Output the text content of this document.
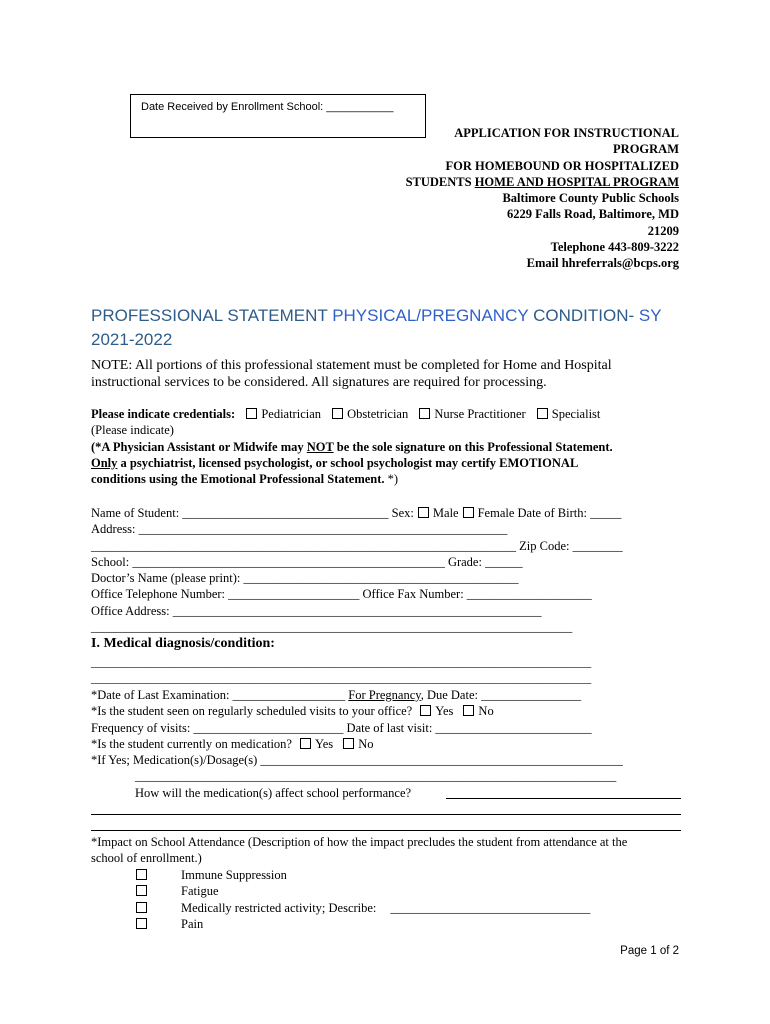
Date Received by Enrollment School: ___________
APPLICATION FOR INSTRUCTIONAL
PROGRAM
FOR HOMEBOUND OR HOSPITALIZED
STUDENTS HOME AND HOSPITAL PROGRAM
Baltimore County Public Schools
6229 Falls Road, Baltimore, MD
21209
Telephone 443-809-3222
Email hhreferrals@bcps.org
PROFESSIONAL STATEMENT PHYSICAL/PREGNANCY CONDITION- SY
2021-2022
NOTE: All portions of this professional statement must be completed for Home and Hospital
instructional services to be considered. All signatures are required for processing.
Please indicate credentials: Pediatrician Obstetrician Nurse Practitioner Specialist
(Please indicate)
(*A Physician Assistant or Midwife may NOT be the sole signature on this Professional Statement.
Only a psychiatrist, licensed psychologist, or school psychologist may certify EMOTIONAL
conditions using the Emotional Professional Statement. *)
Name of Student: _________________________________ Sex: Male Female Date of Birth: _____
Address: ___________________________________________________________
____________________________________________________________________ Zip Code: ________
School: __________________________________________________ Grade: ______
Doctor’s Name (please print): ____________________________________________
Office Telephone Number: _____________________ Office Fax Number: ____________________
Office Address: ___________________________________________________________
_____________________________________________________________________________
I. Medical diagnosis/condition:
_______________________________________________________________________________________
_______________________________________________________________________________________
*Date of Last Examination: __________________ For Pregnancy, Due Date: ________________
*Is the student seen on regularly scheduled visits to your office? Yes No
Frequency of visits: ________________________ Date of last visit: _________________________
*Is the student currently on medication? Yes No
*If Yes; Medication(s)/Dosage(s) __________________________________________________________
_____________________________________________________________________________
How will the medication(s) affect school performance?
*Impact on School Attendance (Description of how the impact precludes the student from attendance at the
school of enrollment.)
Immune Suppression
Fatigue
Medically restricted activity; Describe: ________________________________
Pain
Page 1 of 2
